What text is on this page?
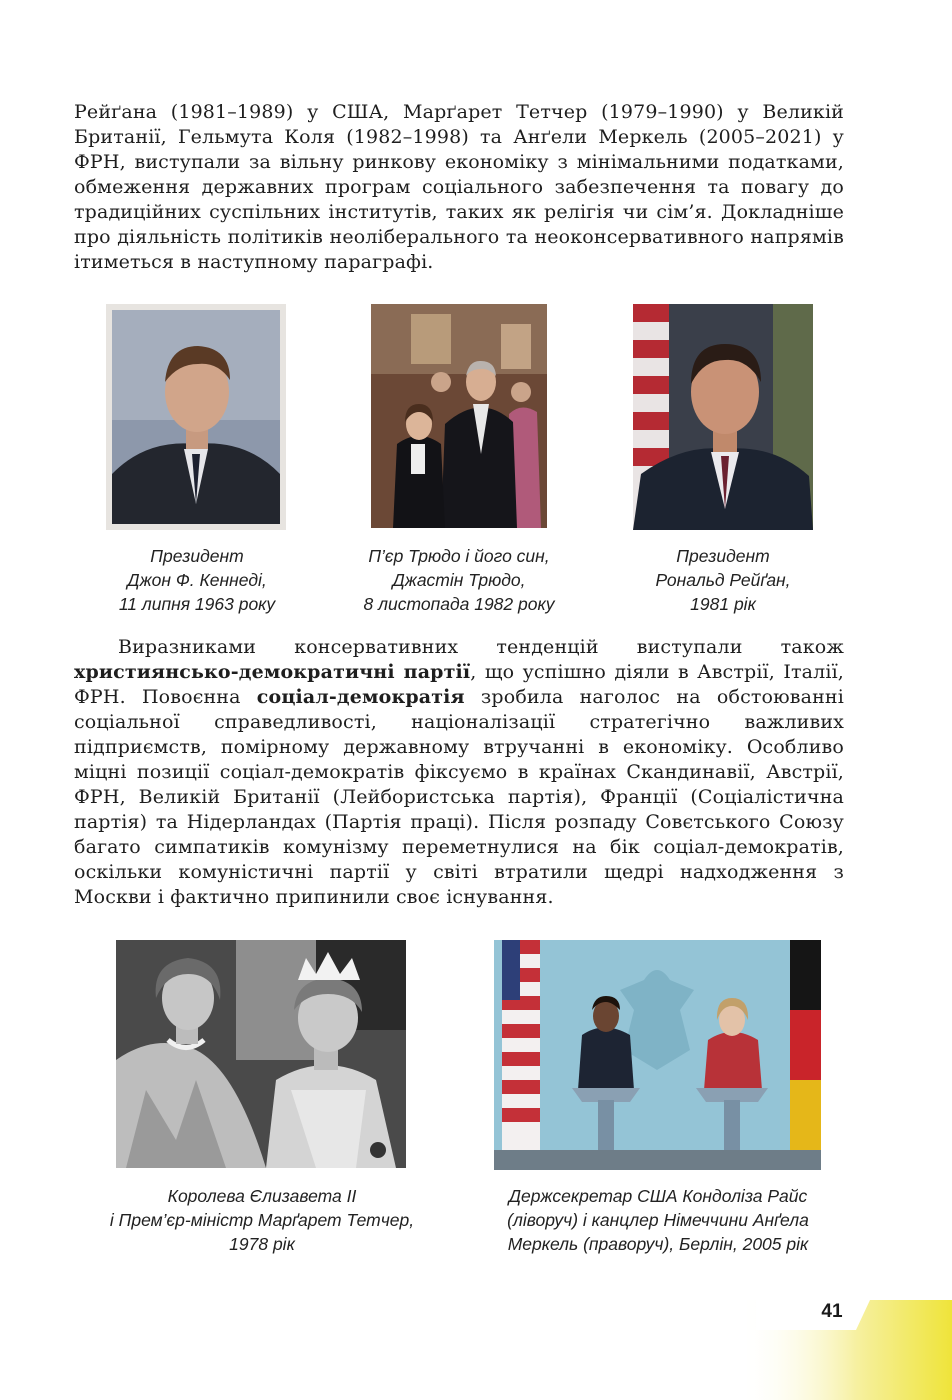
Рейґана (1981–1989) у США, Марґарет Тетчер (1979–1990) у Великій Британії, Гельмута Коля (1982–1998) та Анґели Меркель (2005–2021) у ФРН, виступали за вільну ринкову економіку з мінімальними податками, обмеження державних програм соціального забезпечення та повагу до традиційних суспільних інститутів, таких як релігія чи сім’я. Докладніше про діяльність політиків неоліберального та неоконсервативного напрямів ітиметься в наступному параграфі.

Президент
Джон Ф. Кеннеді,
11 липня 1963 року

П’єр Трюдо і його син,
Джастін Трюдо,
8 листопада 1982 року

Президент
Рональд Рейґан,
1981 рік

Виразниками консервативних тенденцій виступали також християнсько-демократичні партії, що успішно діяли в Австрії, Італії, ФРН. Повоєнна соціал-демократія зробила наголос на обстоюванні соціальної справедливості, націоналізації стратегічно важливих підприємств, помірному державному втручанні в економіку. Особливо міцні позиції соціал-демократів фіксуємо в країнах Скандинавії, Австрії, ФРН, Великій Британії (Лейбористська партія), Франції (Соціалістична партія) та Нідерландах (Партія праці). Після розпаду Совєтського Союзу багато симпатиків комунізму переметнулися на бік соціал-демократів, оскільки комуністичні партії у світі втратили щедрі надходження з Москви і фактично припинили своє існування.

Королева Єлизавета ІІ
і Прем’єр-міністр Марґарет Тетчер,
1978 рік

Держсекретар США Кондоліза Райс
(ліворуч) і канцлер Німеччини Анґела
Меркель (праворуч), Берлін, 2005 рік

41
